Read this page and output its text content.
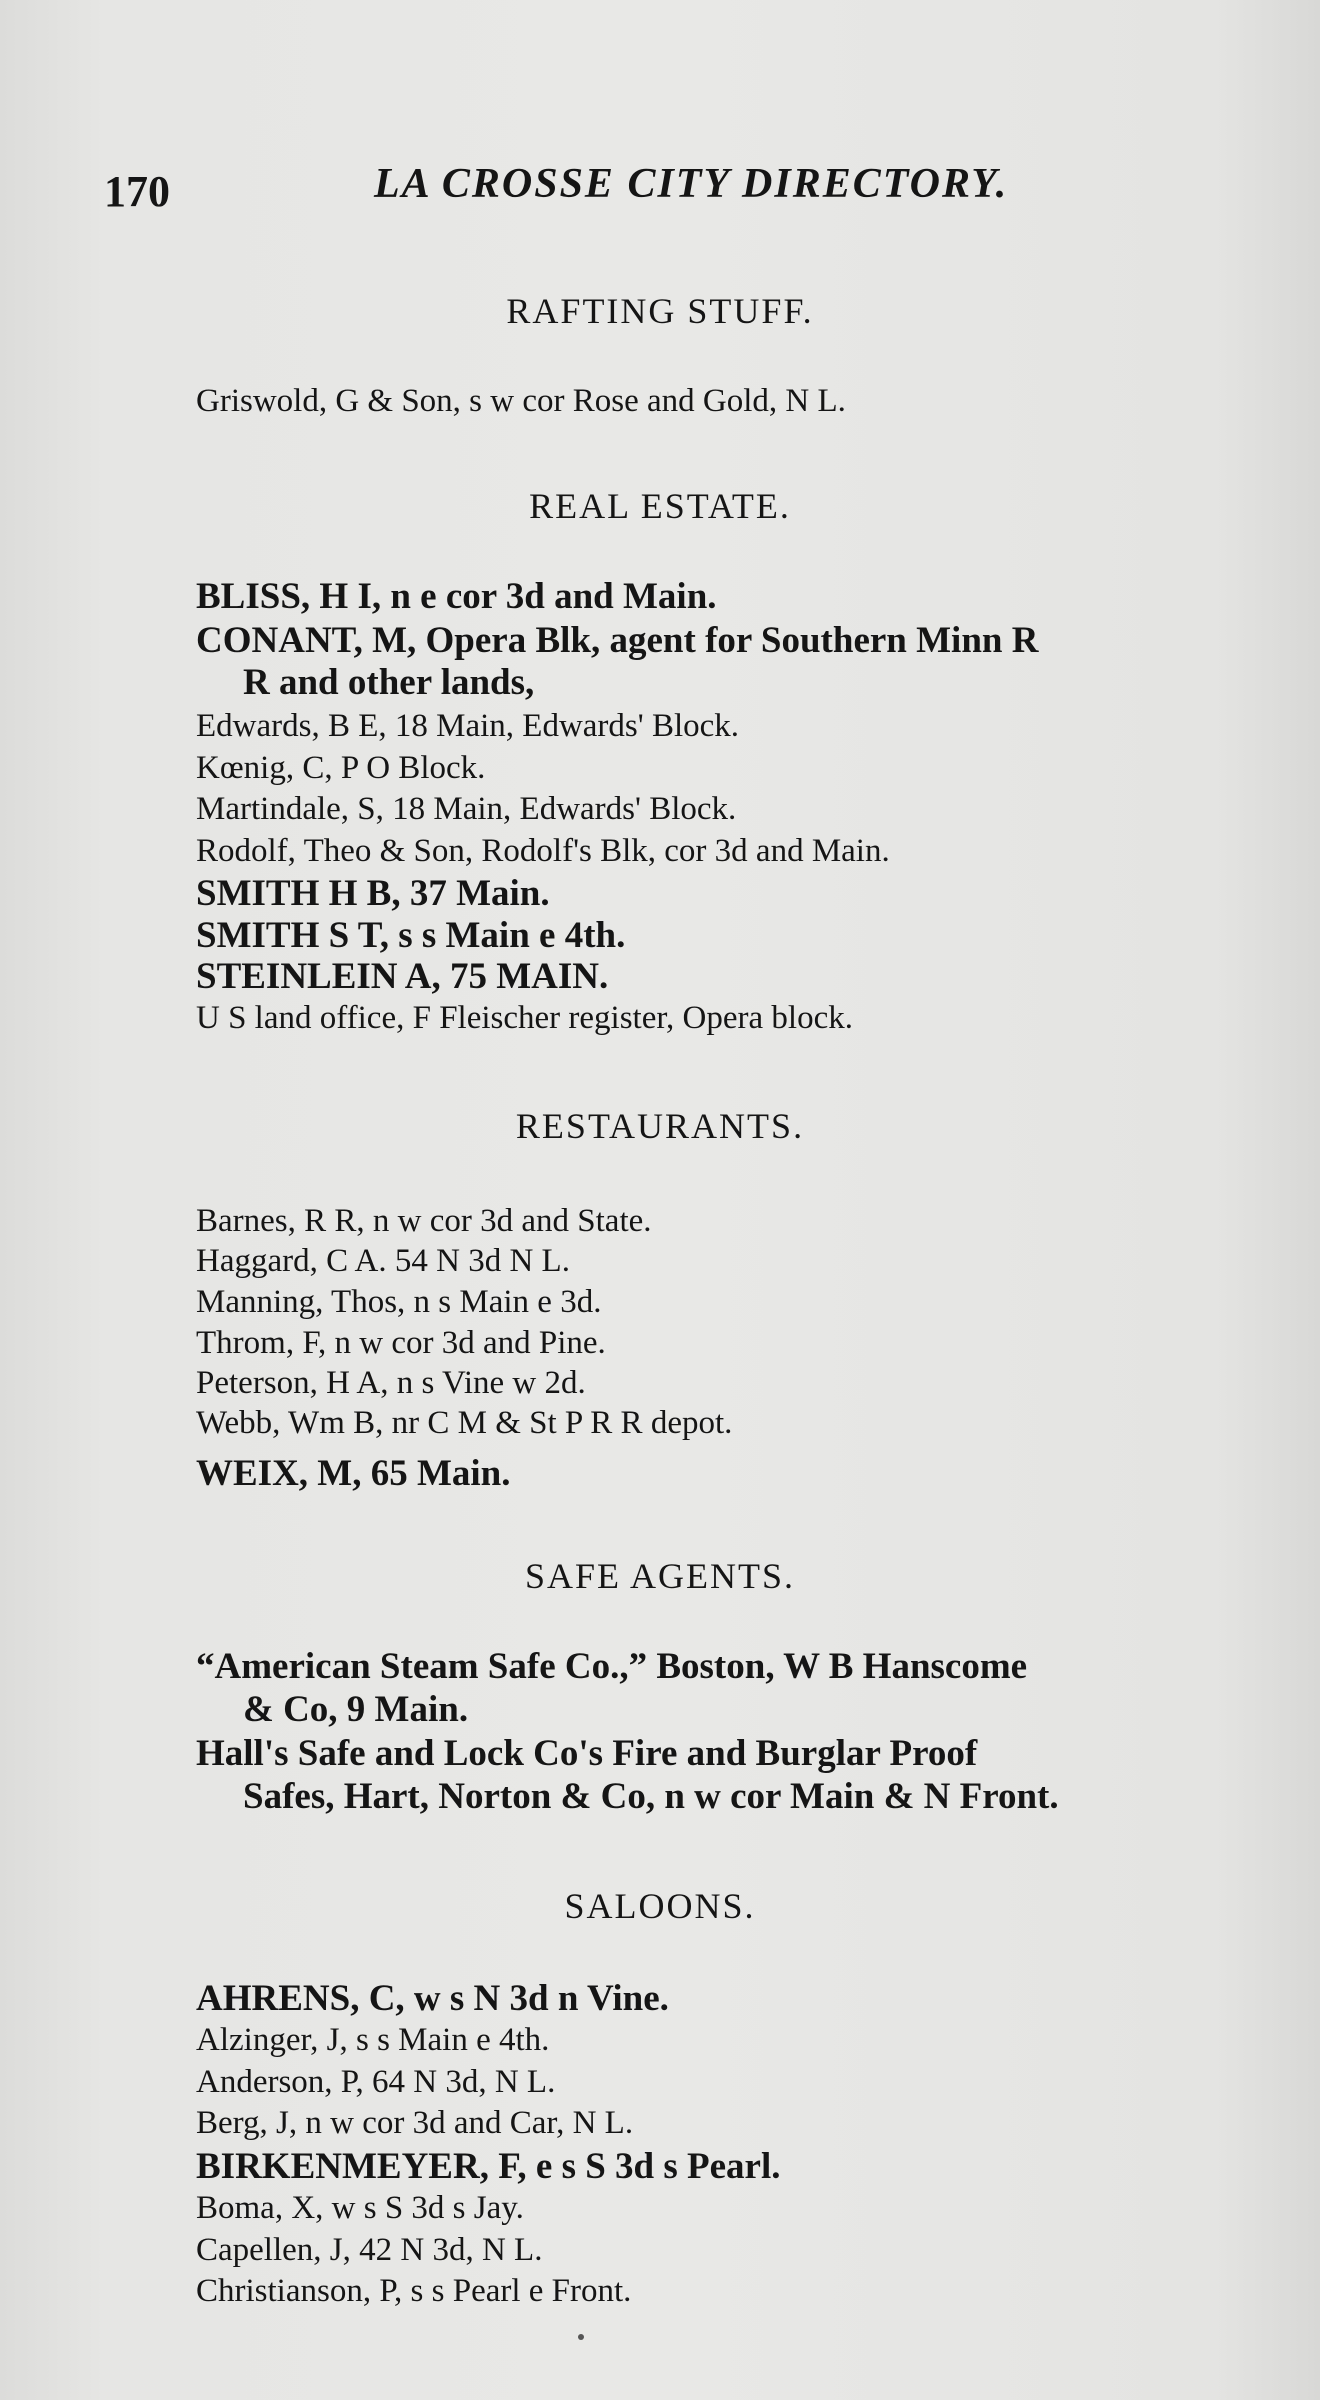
170	LA CROSSE CITY DIRECTORY.
RAFTING STUFF.
Griswold, G & Son, s w cor Rose and Gold, N L.
REAL ESTATE.
BLISS, H I, n e cor 3d and Main.
CONANT, M, Opera Blk, agent for Southern Minn R
R and other lands,
Edwards, B E, 18 Main, Edwards' Block.
Kœnig, C, P O Block.
Martindale, S, 18 Main, Edwards' Block.
Rodolf, Theo & Son, Rodolf's Blk, cor 3d and Main.
SMITH H B, 37 Main.
SMITH S T, s s Main e 4th.
STEINLEIN A, 75 MAIN.
U S land office, F Fleischer register, Opera block.
RESTAURANTS.
Barnes, R R, n w cor 3d and State.
Haggard, C A. 54 N 3d N L.
Manning, Thos, n s Main e 3d.
Throm, F, n w cor 3d and Pine.
Peterson, H A, n s Vine w 2d.
Webb, Wm B, nr C M & St P R R depot.
WEIX, M, 65 Main.
SAFE AGENTS.
“American Steam Safe Co.,” Boston, W B Hanscome
& Co, 9 Main.
Hall's Safe and Lock Co's Fire and Burglar Proof
Safes, Hart, Norton & Co, n w cor Main & N Front.
SALOONS.
AHRENS, C, w s N 3d n Vine.
Alzinger, J, s s Main e 4th.
Anderson, P, 64 N 3d, N L.
Berg, J, n w cor 3d and Car, N L.
BIRKENMEYER, F, e s S 3d s Pearl.
Boma, X, w s S 3d s Jay.
Capellen, J, 42 N 3d, N L.
Christianson, P, s s Pearl e Front.
